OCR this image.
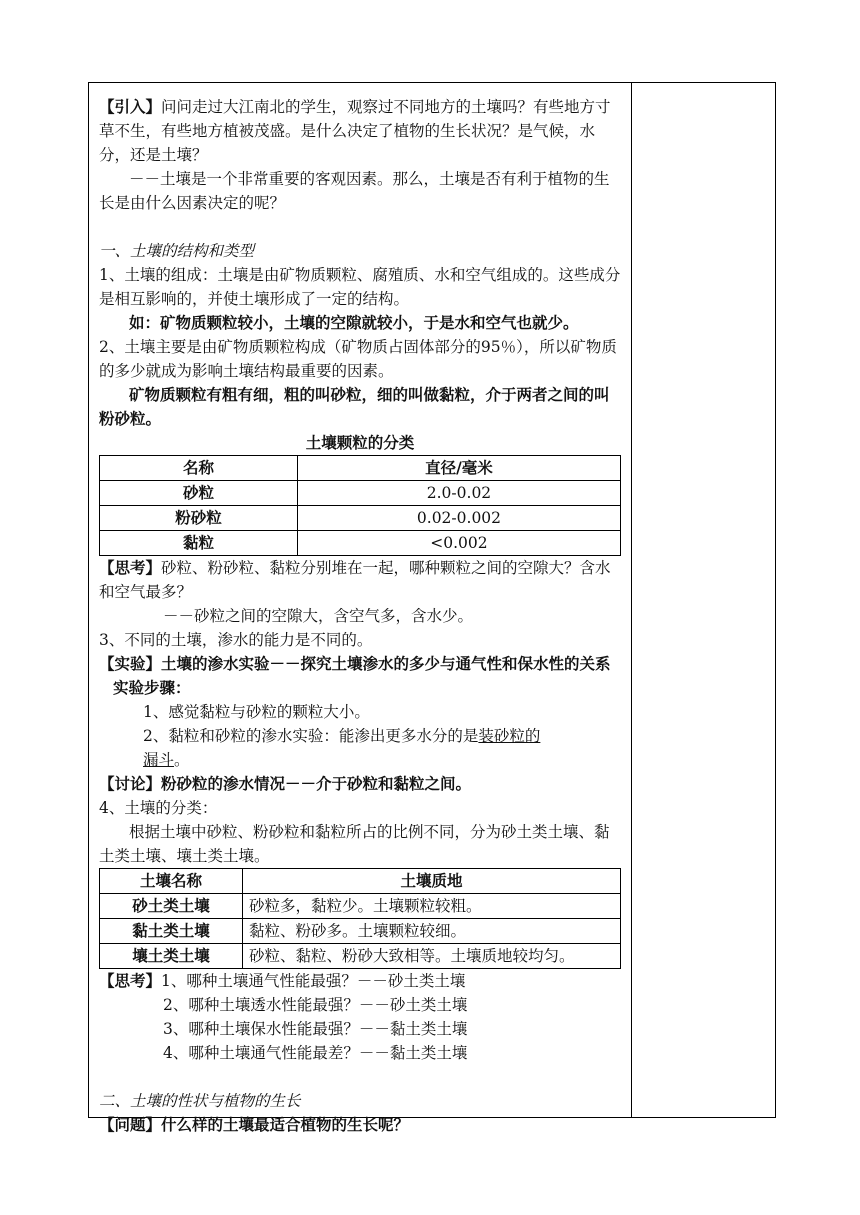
【引入】问问走过大江南北的学生，观察过不同地方的土壤吗？有些地方寸草不生，有些地方植被茂盛。是什么决定了植物的生长状况？是气候，水分，还是土壤？

－－土壤是一个非常重要的客观因素。那么，土壤是否有利于植物的生长是由什么因素决定的呢？

一、土壤的结构和类型

1、土壤的组成：土壤是由矿物质颗粒、腐殖质、水和空气组成的。这些成分是相互影响的，并使土壤形成了一定的结构。

如：矿物质颗粒较小，土壤的空隙就较小，于是水和空气也就少。

2、土壤主要是由矿物质颗粒构成（矿物质占固体部分的95％），所以矿物质的多少就成为影响土壤结构最重要的因素。

矿物质颗粒有粗有细，粗的叫砂粒，细的叫做黏粒，介于两者之间的叫粉砂粒。

土壤颗粒的分类

名称	直径/毫米
砂粒	2.0-0.02
粉砂粒	0.02-0.002
黏粒	<0.002

【思考】砂粒、粉砂粒、黏粒分别堆在一起，哪种颗粒之间的空隙大？含水和空气最多？

－－砂粒之间的空隙大，含空气多，含水少。

3、不同的土壤，渗水的能力是不同的。

【实验】土壤的渗水实验－－探究土壤渗水的多少与通气性和保水性的关系

实验步骤：

1、感觉黏粒与砂粒的颗粒大小。

2、黏粒和砂粒的渗水实验：能渗出更多水分的是装砂粒的
漏斗。

【讨论】粉砂粒的渗水情况－－介于砂粒和黏粒之间。

4、土壤的分类：

根据土壤中砂粒、粉砂粒和黏粒所占的比例不同，分为砂土类土壤、黏土类土壤、壤土类土壤。

土壤名称	土壤质地
砂土类土壤	砂粒多，黏粒少。土壤颗粒较粗。
黏土类土壤	黏粒、粉砂多。土壤颗粒较细。
壤土类土壤	砂粒、黏粒、粉砂大致相等。土壤质地较均匀。

【思考】1、哪种土壤通气性能最强？－－砂土类土壤

2、哪种土壤透水性能最强？－－砂土类土壤

3、哪种土壤保水性能最强？－－黏土类土壤

4、哪种土壤通气性能最差？－－黏土类土壤

二、土壤的性状与植物的生长

【问题】什么样的土壤最适合植物的生长呢？
